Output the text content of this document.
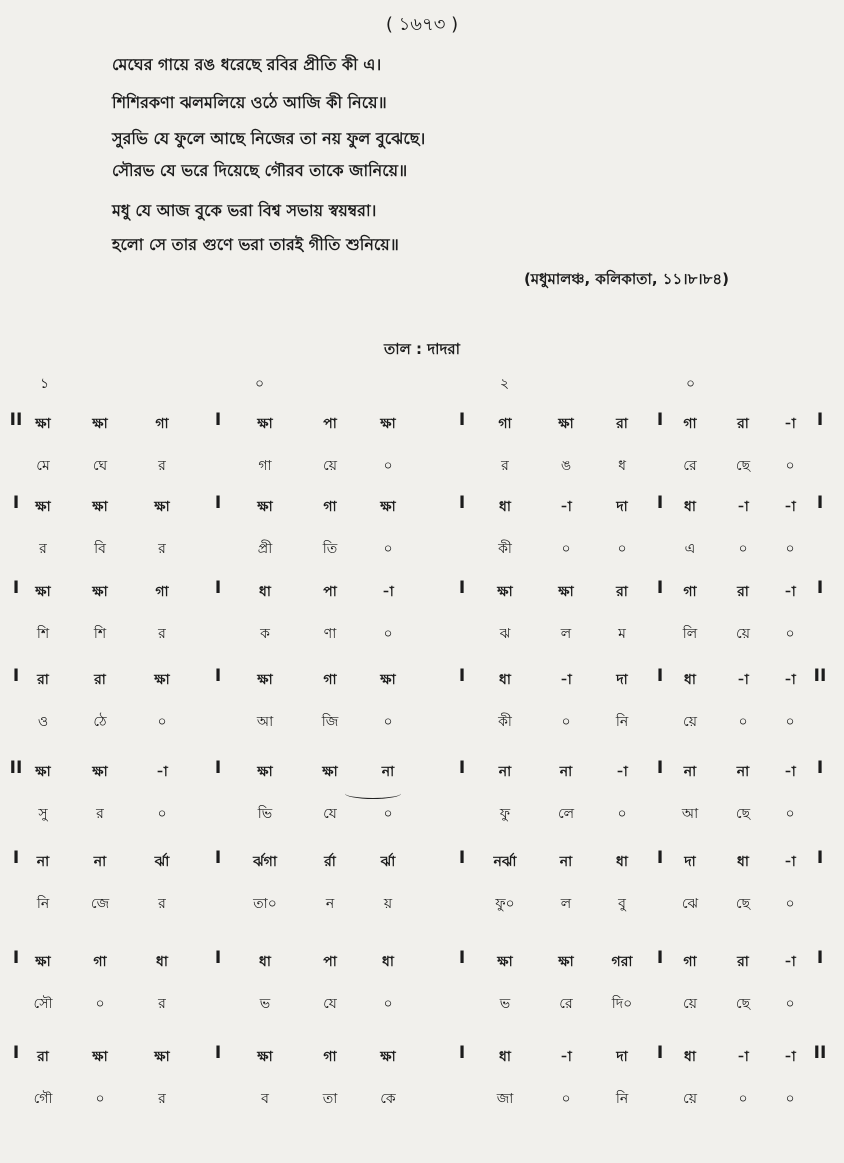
( ১৬৭৩ )
মেঘের গায়ে রঙ ধরেছে রবির প্রীতি কী এ।
শিশিরকণা ঝলমলিয়ে ওঠে আজি কী নিয়ে॥
সুরভি যে ফুলে আছে নিজের তা নয় ফুল বুঝেছে।
সৌরভ যে ভরে দিয়েছে গৌরব তাকে জানিয়ে॥
মধু যে আজ বুকে ভরা বিশ্ব সভায় স্বয়ম্বরা।
হলো সে তার গুণে ভরা তারই গীতি শুনিয়ে॥
(মধুমালঞ্চ, কলিকাতা, ১১।৮।৮৪)
তাল : দাদরা
১	০	২	০
II	I	I	I	I
ক্ষা	ক্ষা	গা	ক্ষা	পা	ক্ষা	গা	ক্ষা	রা	গা	রা	-া
মে	ঘে	র	গা	য়ে	০	র	ঙ	ধ	রে	ছে	০
I	I	I	I	I
ক্ষা	ক্ষা	ক্ষা	ক্ষা	গা	ক্ষা	ধা	-া	দা	ধা	-া	-া
র	বি	র	প্রী	তি	০	কী	০	০	এ	০	০
I	I	I	I	I
ক্ষা	ক্ষা	গা	ধা	পা	-া	ক্ষা	ক্ষা	রা	গা	রা	-া
শি	শি	র	ক	ণা	০	ঝ	ল	ম	লি	য়ে	০
I	I	I	I	II
রা	রা	ক্ষা	ক্ষা	গা	ক্ষা	ধা	-া	দা	ধা	-া	-া
ও	ঠে	০	আ	জি	০	কী	০	নি	য়ে	০	০
II	I	I	I	I
ক্ষা	ক্ষা	-া	ক্ষা	ক্ষা	না	না	না	-া	না	না	-া
সু	র	০	ভি	যে	০	ফু	লে	০	আ	ছে	০
I	I	I	I	I
না	না	র্ঝা	র্ঝগা	র্রা	র্ঝা	নর্ঝা	না	ধা	দা	ধা	-া
নি	জে	র	তা০	ন	য়	ফু০	ল	বু	ঝে	ছে	০
I	I	I	I	I
ক্ষা	গা	ধা	ধা	পা	ধা	ক্ষা	ক্ষা	গরা	গা	রা	-া
সৌ	০	র	ভ	যে	০	ভ	রে	দি০	য়ে	ছে	০
I	I	I	I	II
রা	ক্ষা	ক্ষা	ক্ষা	গা	ক্ষা	ধা	-া	দা	ধা	-া	-া
গৌ	০	র	ব	তা	কে	জা	০	নি	য়ে	০	০
